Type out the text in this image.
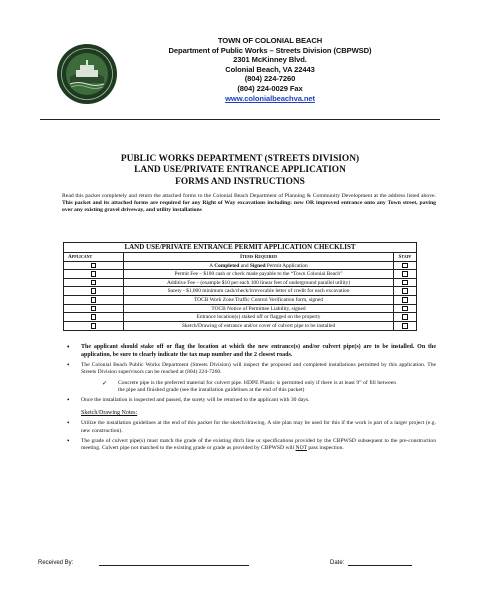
TOWN OF COLONIAL BEACH
Department of Public Works – Streets Division (CBPWSD)
2301 McKinney Blvd.
Colonial Beach, VA 22443
(804) 224-7260
(804) 224-0029 Fax
www.colonialbeachva.net
PUBLIC WORKS DEPARTMENT (STREETS DIVISION)
LAND USE/PRIVATE ENTRANCE APPLICATION
FORMS AND INSTRUCTIONS
Read this packet completely and return the attached forms to the Colonial Beach Department of Planning & Community Development at the address listed above. This packet and its attached forms are required for any Right of Way excavations including: new OR improved entrance onto any Town street, paving over any existing gravel driveway, and utility installations
LAND USE/PRIVATE ENTRANCE PERMIT APPLICATION CHECKLIST
Applicant	Items Required	Staff
A Completed and Signed Permit Application
Permit Fee – $100 cash or check made payable to the “Town Colonial Beach”
Additive Fee – (example $10 per each 100 linear feet of underground parallel utility)
Surety - $1,000 minimum cash/check/irrevocable letter of credit for each excavation
TOCB Work Zone Traffic Control Verification form, signed
TOCB Notice of Permittee Liability, signed
Entrance location(s) staked off or flagged on the property
Sketch/Drawing of entrance and/or cover of culvert pipe to be installed
• The applicant should stake off or flag the location at which the new entrance(s) and/or culvert pipe(s) are to be installed. On the application, be sure to clearly indicate the tax map number and the 2 closest roads.
• The Colonial Beach Public Works Department (Streets Division) will inspect the proposed and completed installations permitted by this application. The Streets Division supervisors can be reached at (804) 224-7260.
✓ Concrete pipe is the preferred material for culvert pipe. HDPE Plastic is permitted only if there is at least 9” of fill between the pipe and finished grade (see the installation guidelines at the end of this packet)
• Once the installation is inspected and passed, the surety will be returned to the applicant with 30 days.
Sketch/Drawing Notes:
• Utilize the installation guidelines at the end of this packet for the sketch/drawing. A site plan may be used for this if the work is part of a larger project (e.g. new construction).
• The grade of culvert pipe(s) must match the grade of the existing ditch line or specifications provided by the CBPWSD subsequent to the pre-construction meeting. Culvert pipe not matched to the existing grade or grade as provided by CBPWSD will NOT pass inspection.
Received By:	Date:
